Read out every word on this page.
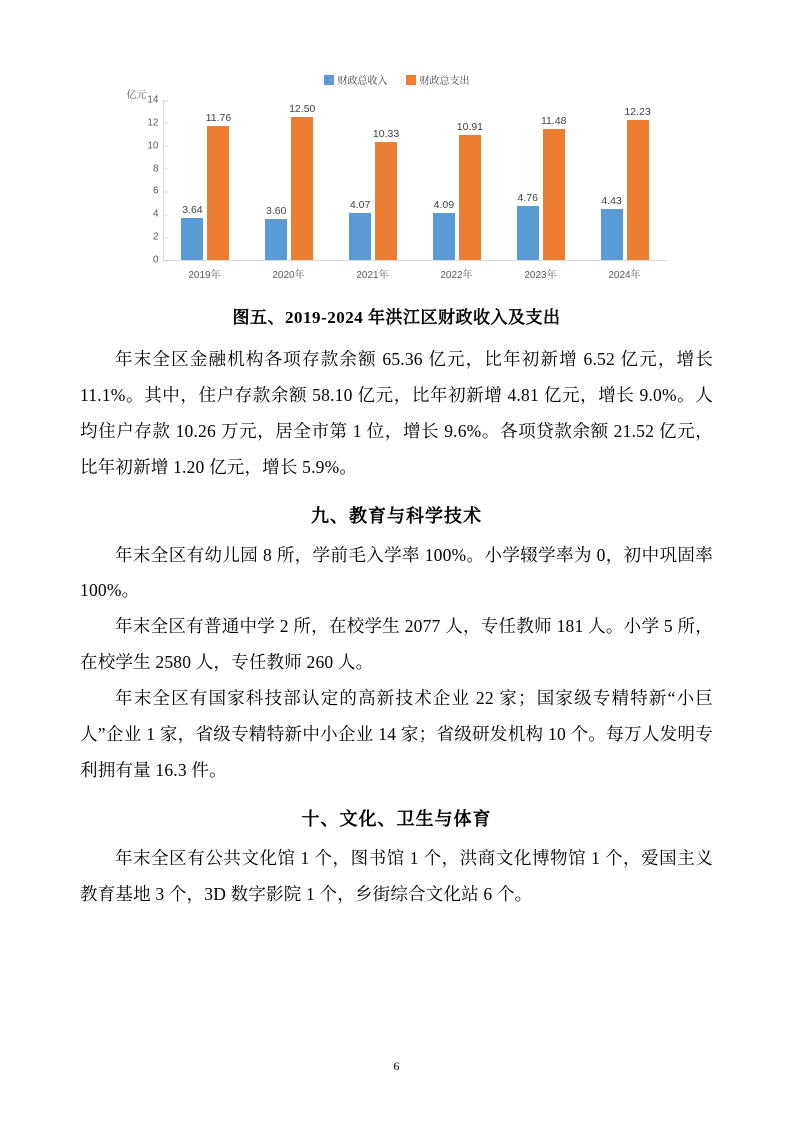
财政总收入	财政总支出
亿元 14
12
10
8
6
4
2
0
3.64
11.76
3.60
12.50
4.07
10.33
4.09
10.91
4.76
11.48
4.43
12.23
2019年	2020年	2021年	2022年	2023年	2024年
图五、2019-2024 年洪江区财政收入及支出

年末全区金融机构各项存款余额 65.36 亿元，比年初新增 6.52 亿元，增长 11.1%。其中，住户存款余额 58.10 亿元，比年初新增 4.81 亿元，增长 9.0%。人均住户存款 10.26 万元，居全市第 1 位，增长 9.6%。各项贷款余额 21.52 亿元，比年初新增 1.20 亿元，增长 5.9%。

九、教育与科学技术

年末全区有幼儿园 8 所，学前毛入学率 100%。小学辍学率为 0，初中巩固率 100%。

年末全区有普通中学 2 所，在校学生 2077 人，专任教师 181 人。小学 5 所，在校学生 2580 人，专任教师 260 人。

年末全区有国家科技部认定的高新技术企业 22 家；国家级专精特新“小巨人”企业 1 家，省级专精特新中小企业 14 家；省级研发机构 10 个。每万人发明专利拥有量 16.3 件。

十、文化、卫生与体育

年末全区有公共文化馆 1 个，图书馆 1 个，洪商文化博物馆 1 个，爱国主义教育基地 3 个，3D 数字影院 1 个，乡街综合文化站 6 个。

6
